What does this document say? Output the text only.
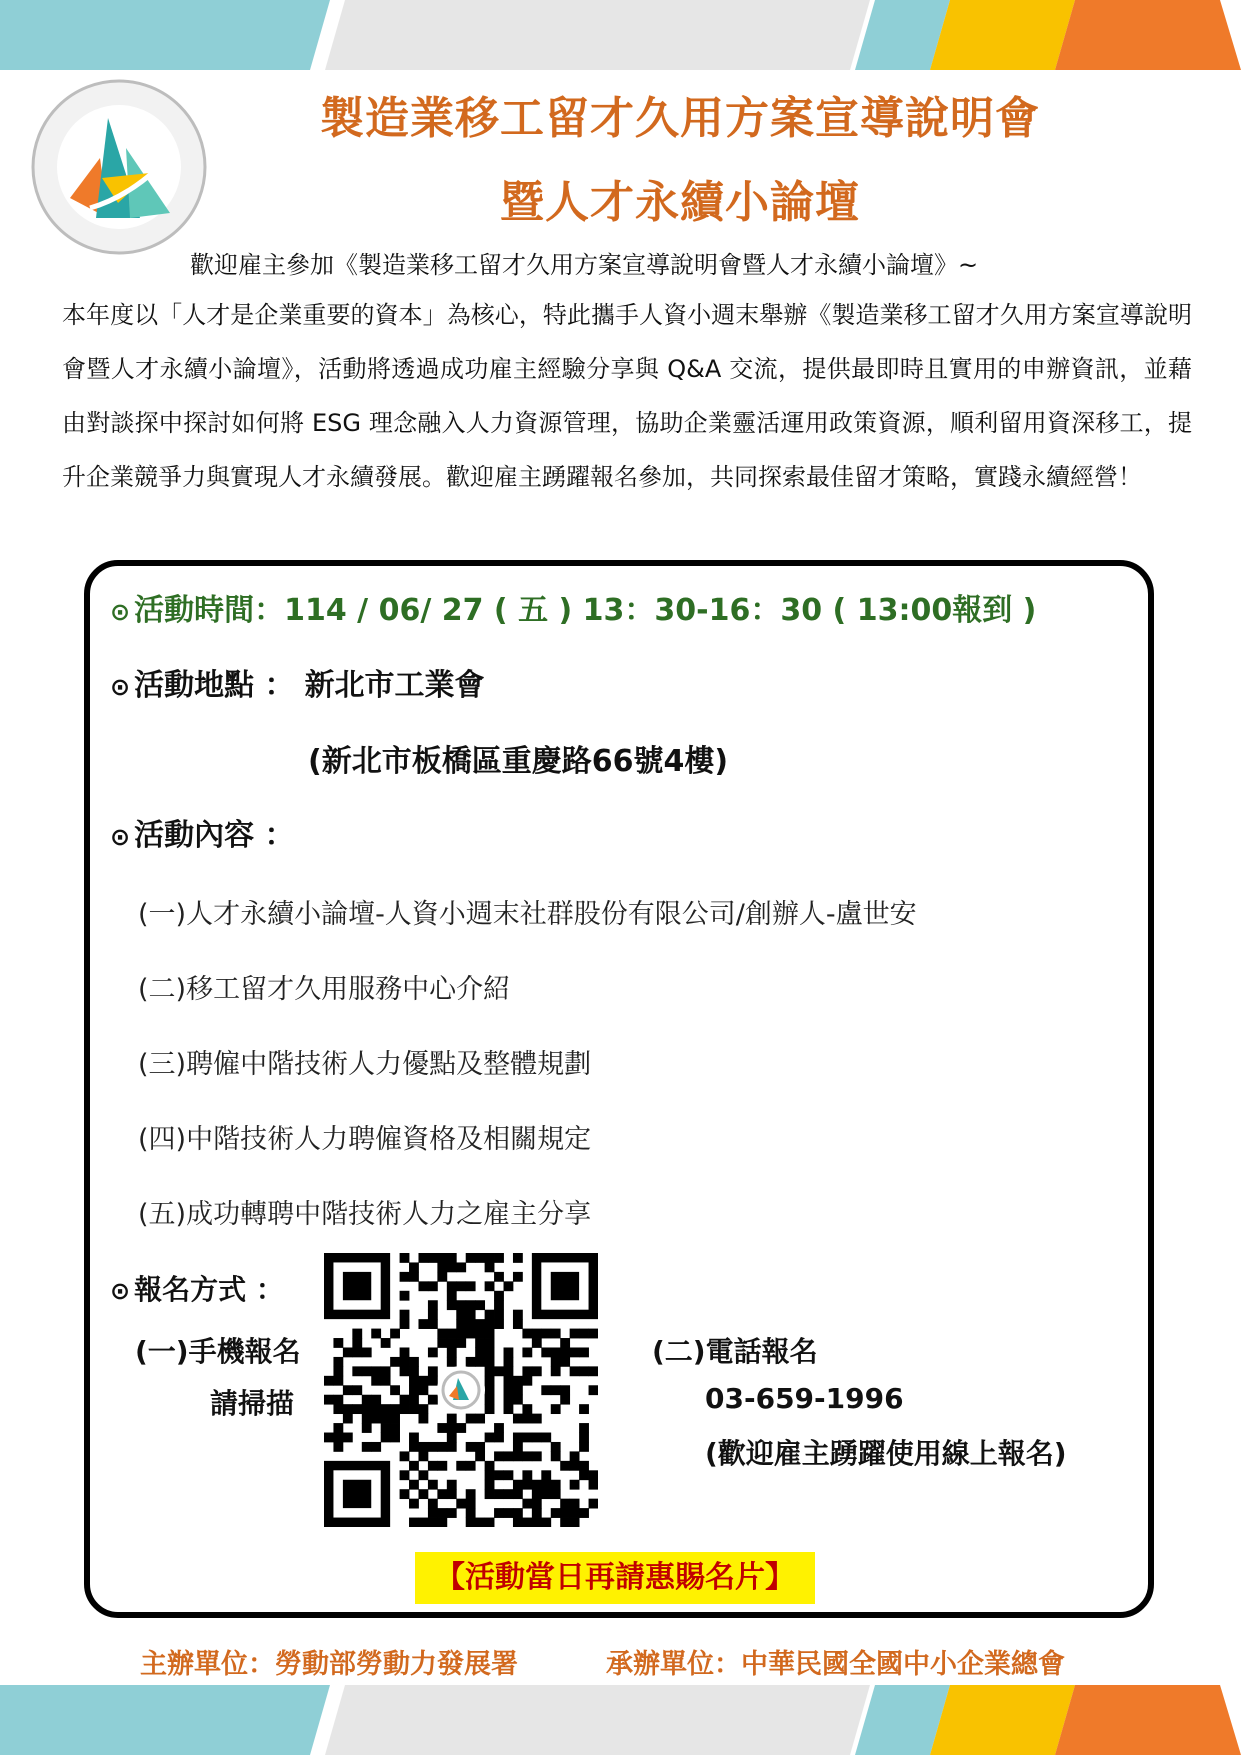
製造業移工留才久用方案宣導說明會
暨人才永續小論壇
歡迎雇主參加《製造業移工留才久用方案宣導說明會暨人才永續小論壇》~
本年度以「人才是企業重要的資本」為核心，特此攜手人資小週末舉辦《製造業移工留才久用方案宣導說明會暨人才永續小論壇》，活動將透過成功雇主經驗分享與 Q&A 交流，提供最即時且實用的申辦資訊，並藉由對談探中探討如何將 ESG 理念融入人力資源管理，協助企業靈活運用政策資源，順利留用資深移工，提升企業競爭力與實現人才永續發展。歡迎雇主踴躍報名參加，共同探索最佳留才策略，實踐永續經營！
⊙ 活動時間：114 / 06/ 27 ( 五 ) 13：30-16：30 ( 13:00報到 )
⊙ 活動地點 ： 新北市工業會
(新北市板橋區重慶路66號4樓)
⊙ 活動內容 ：
(一)人才永續小論壇-人資小週末社群股份有限公司/創辦人-盧世安
(二)移工留才久用服務中心介紹
(三)聘僱中階技術人力優點及整體規劃
(四)中階技術人力聘僱資格及相關規定
(五)成功轉聘中階技術人力之雇主分享
⊙ 報名方式 ：
(一)手機報名
請掃描
(二)電話報名
03-659-1996
(歡迎雇主踴躍使用線上報名)
【活動當日再請惠賜名片】
主辦單位：勞動部勞動力發展署	承辦單位：中華民國全國中小企業總會
